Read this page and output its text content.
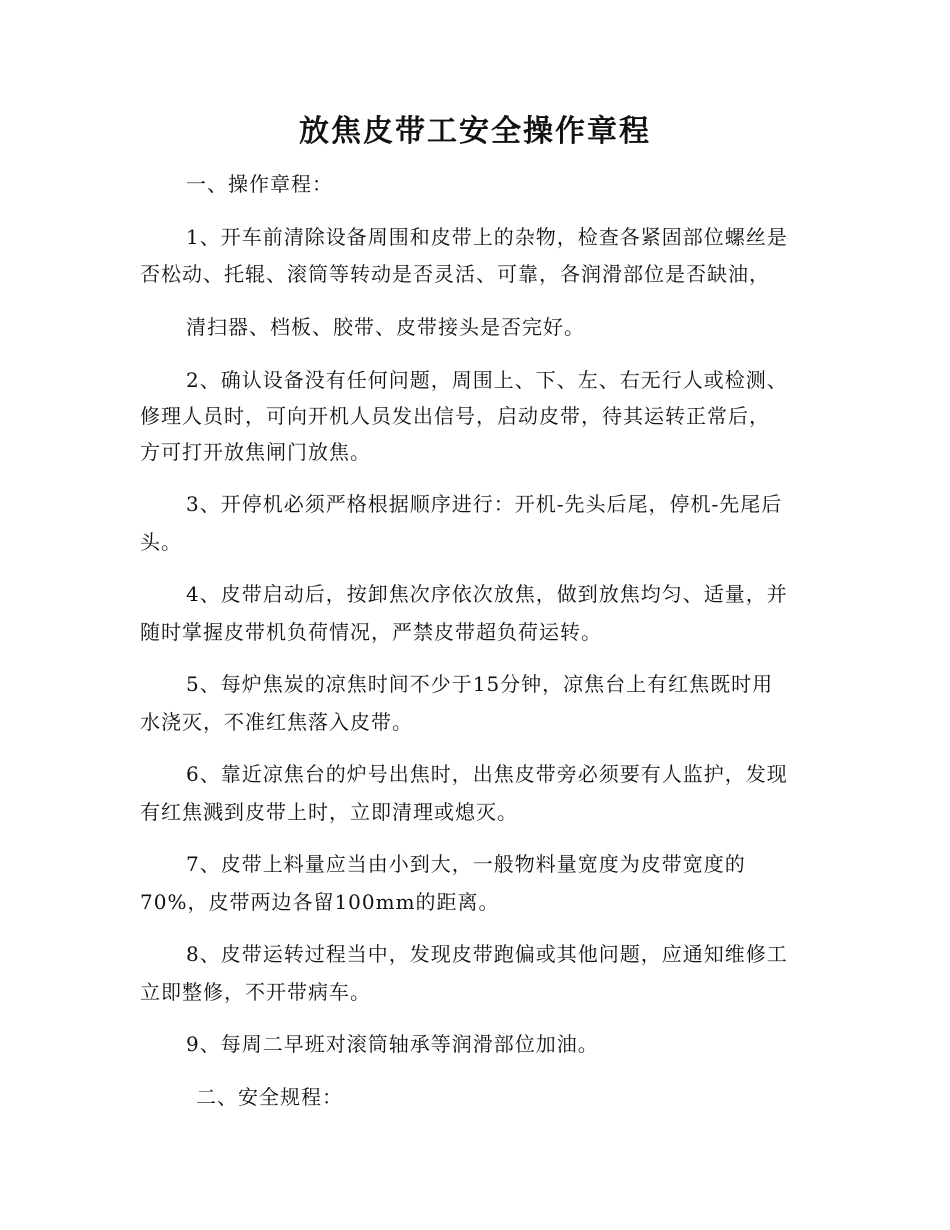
放焦皮带工安全操作章程
一、操作章程：
1、开车前清除设备周围和皮带上的杂物，检查各紧固部位螺丝是
否松动、托辊、滚筒等转动是否灵活、可靠，各润滑部位是否缺油，
清扫器、档板、胶带、皮带接头是否完好。
2、确认设备没有任何问题，周围上、下、左、右无行人或检测、
修理人员时，可向开机人员发出信号，启动皮带，待其运转正常后，
方可打开放焦闸门放焦。
3、开停机必须严格根据顺序进行：开机-先头后尾，停机-先尾后
头。
4、皮带启动后，按卸焦次序依次放焦，做到放焦均匀、适量，并
随时掌握皮带机负荷情况，严禁皮带超负荷运转。
5、每炉焦炭的凉焦时间不少于15分钟，凉焦台上有红焦既时用
水浇灭，不准红焦落入皮带。
6、靠近凉焦台的炉号出焦时，出焦皮带旁必须要有人监护，发现
有红焦溅到皮带上时，立即清理或熄灭。
7、皮带上料量应当由小到大，一般物料量宽度为皮带宽度的
70%，皮带两边各留100mm的距离。
8、皮带运转过程当中，发现皮带跑偏或其他问题，应通知维修工
立即整修，不开带病车。
9、每周二早班对滚筒轴承等润滑部位加油。
二、安全规程：
